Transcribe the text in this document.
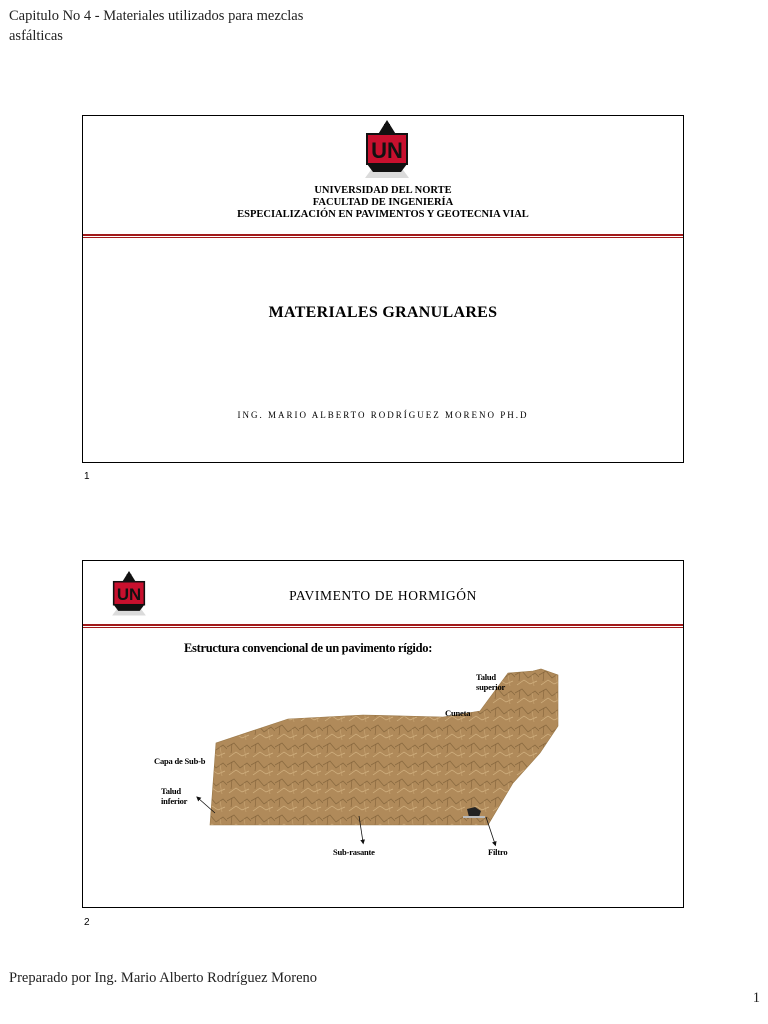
Capitulo No 4 - Materiales utilizados para mezclas asfálticas
UN
UNIVERSIDAD DEL NORTE
FACULTAD DE INGENIERÍA
ESPECIALIZACIÓN EN PAVIMENTOS Y GEOTECNIA VIAL
MATERIALES GRANULARES
ING. MARIO ALBERTO RODRÍGUEZ MORENO PH.D
1
UN	PAVIMENTO DE HORMIGÓN
Estructura convencional de un pavimento rígido:
Talud
superior
Cuneta
Capa de Sub-b
Talud
inferior
Sub-rasante	Filtro
2
Preparado por Ing. Mario Alberto Rodríguez Moreno
1
